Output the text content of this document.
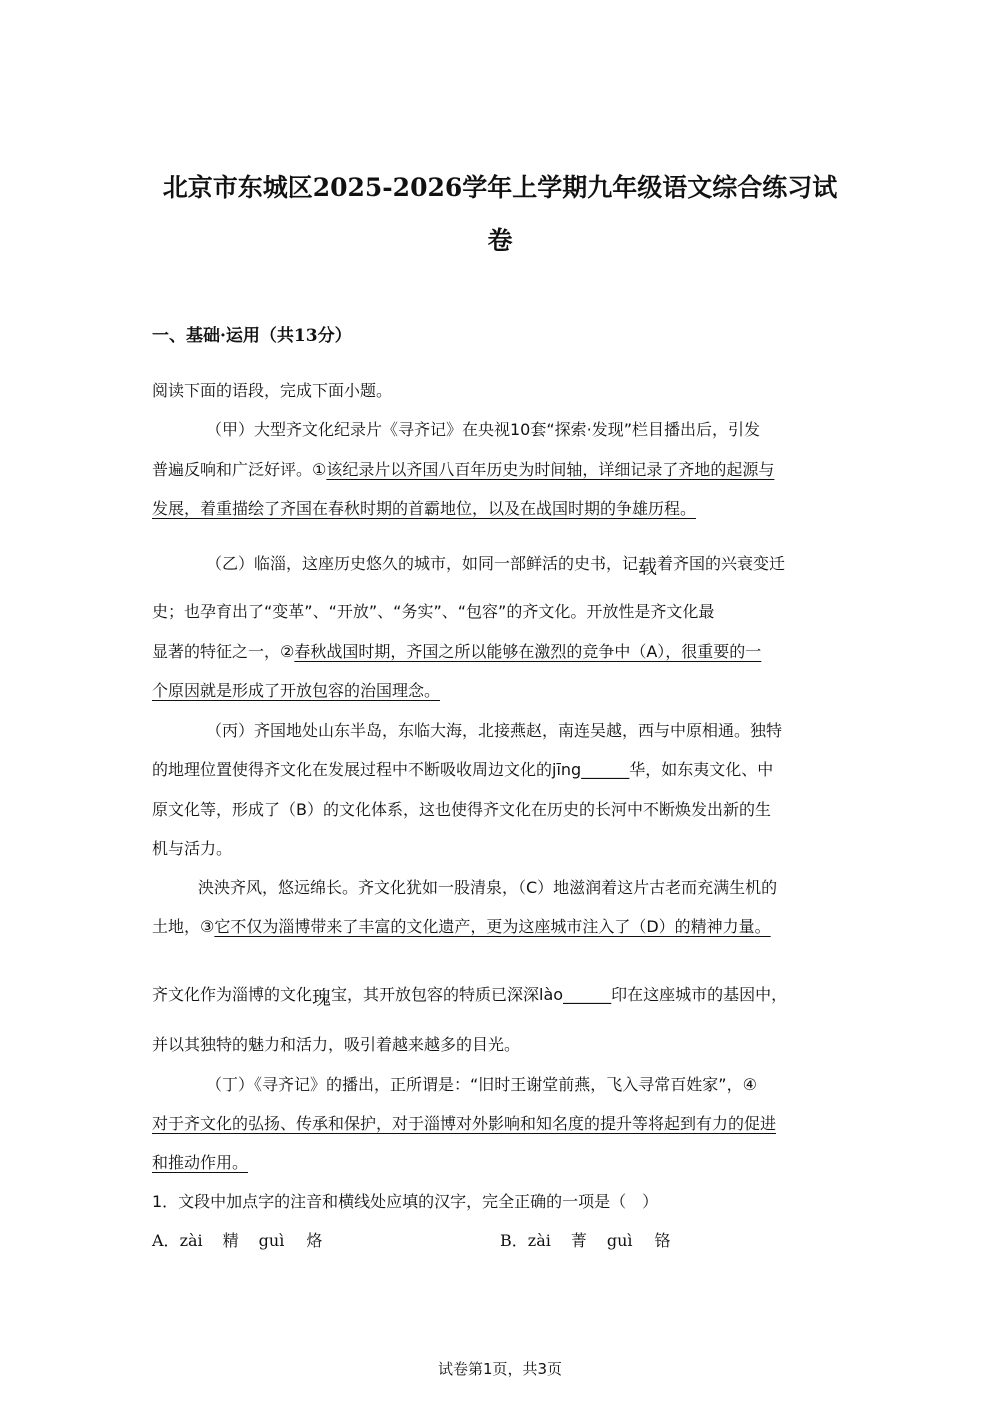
北京市东城区2025-2026学年上学期九年级语文综合练习试
卷
一、基础·运用（共13分）
阅读下面的语段，完成下面小题。
（甲）大型齐文化纪录片《寻齐记》在央视10套“探索·发现”栏目播出后，引发
普遍反响和广泛好评。①该纪录片以齐国八百年历史为时间轴，详细记录了齐地的起源与
发展，着重描绘了齐国在春秋时期的首霸地位，以及在战国时期的争雄历程。
（乙）临淄，这座历史悠久的城市，如同一部鲜活的史书，记载着齐国的兴衰变迁
史；也孕育出了“变革”、“开放”、“务实”、“包容”的齐文化。开放性是齐文化最
显著的特征之一，②春秋战国时期，齐国之所以能够在激烈的竞争中（A），很重要的一
个原因就是形成了开放包容的治国理念。
（丙）齐国地处山东半岛，东临大海，北接燕赵，南连吴越，西与中原相通。独特
的地理位置使得齐文化在发展过程中不断吸收周边文化的jīng______华，如东夷文化、中
原文化等，形成了（B）的文化体系，这也使得齐文化在历史的长河中不断焕发出新的生
机与活力。
泱泱齐风，悠远绵长。齐文化犹如一股清泉，（C）地滋润着这片古老而充满生机的
土地，③它不仅为淄博带来了丰富的文化遗产，更为这座城市注入了（D）的精神力量。
齐文化作为淄博的文化瑰宝，其开放包容的特质已深深lào______印在这座城市的基因中，
并以其独特的魅力和活力，吸引着越来越多的目光。
（丁）《寻齐记》的播出，正所谓是：“旧时王谢堂前燕，飞入寻常百姓家”，④
对于齐文化的弘扬、传承和保护，对于淄博对外影响和知名度的提升等将起到有力的促进
和推动作用。
1．文段中加点字的注音和横线处应填的汉字，完全正确的一项是（　）
A．zài 精 guì 烙	B．zài 菁 guì 铬
试卷第1页，共3页
